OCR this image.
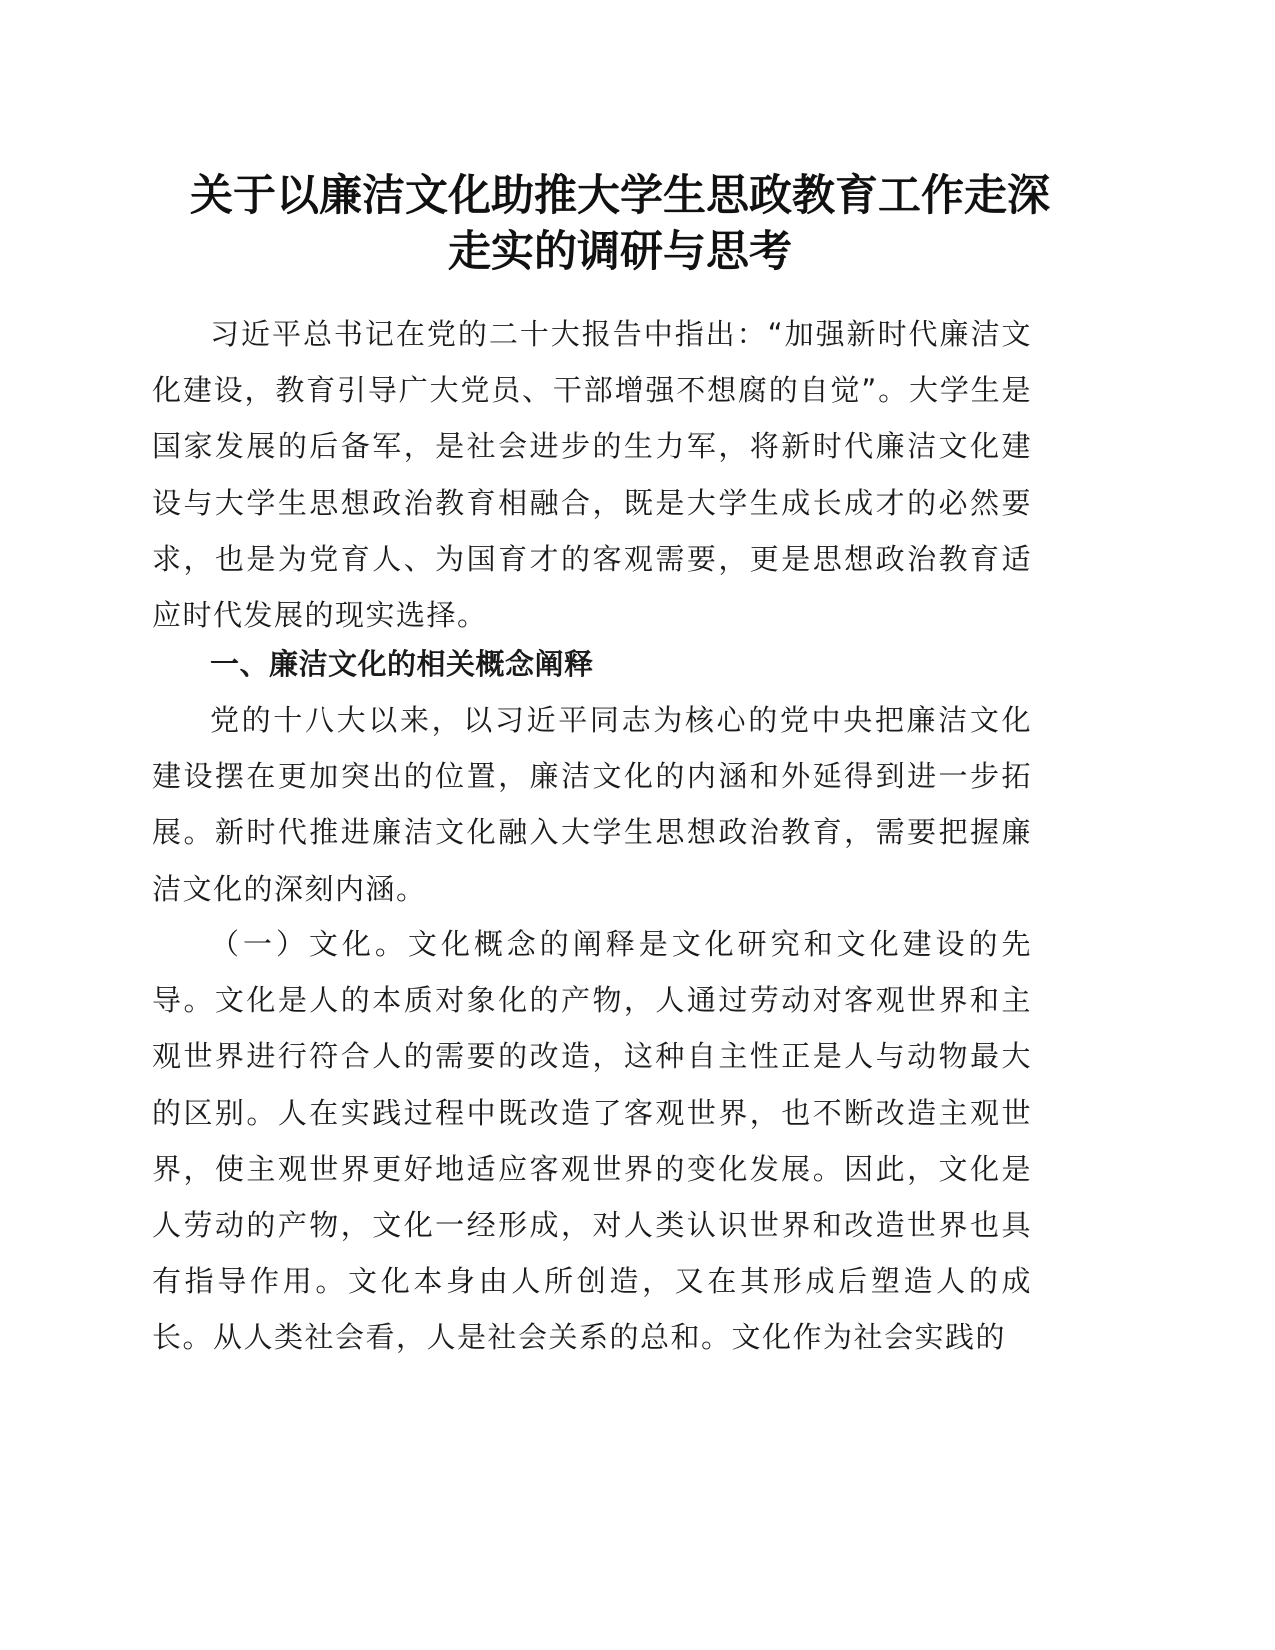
关于以廉洁文化助推大学生思政教育工作走深
走实的调研与思考

习近平总书记在党的二十大报告中指出：“加强新时代廉洁文化建设，教育引导广大党员、干部增强不想腐的自觉”。大学生是国家发展的后备军，是社会进步的生力军，将新时代廉洁文化建设与大学生思想政治教育相融合，既是大学生成长成才的必然要求，也是为党育人、为国育才的客观需要，更是思想政治教育适应时代发展的现实选择。

一、廉洁文化的相关概念阐释

党的十八大以来，以习近平同志为核心的党中央把廉洁文化建设摆在更加突出的位置，廉洁文化的内涵和外延得到进一步拓展。新时代推进廉洁文化融入大学生思想政治教育，需要把握廉洁文化的深刻内涵。

（一）文化。文化概念的阐释是文化研究和文化建设的先导。文化是人的本质对象化的产物，人通过劳动对客观世界和主观世界进行符合人的需要的改造，这种自主性正是人与动物最大的区别。人在实践过程中既改造了客观世界，也不断改造主观世界，使主观世界更好地适应客观世界的变化发展。因此，文化是人劳动的产物，文化一经形成，对人类认识世界和改造世界也具有指导作用。文化本身由人所创造，又在其形成后塑造人的成长。从人类社会看，人是社会关系的总和。文化作为社会实践的
